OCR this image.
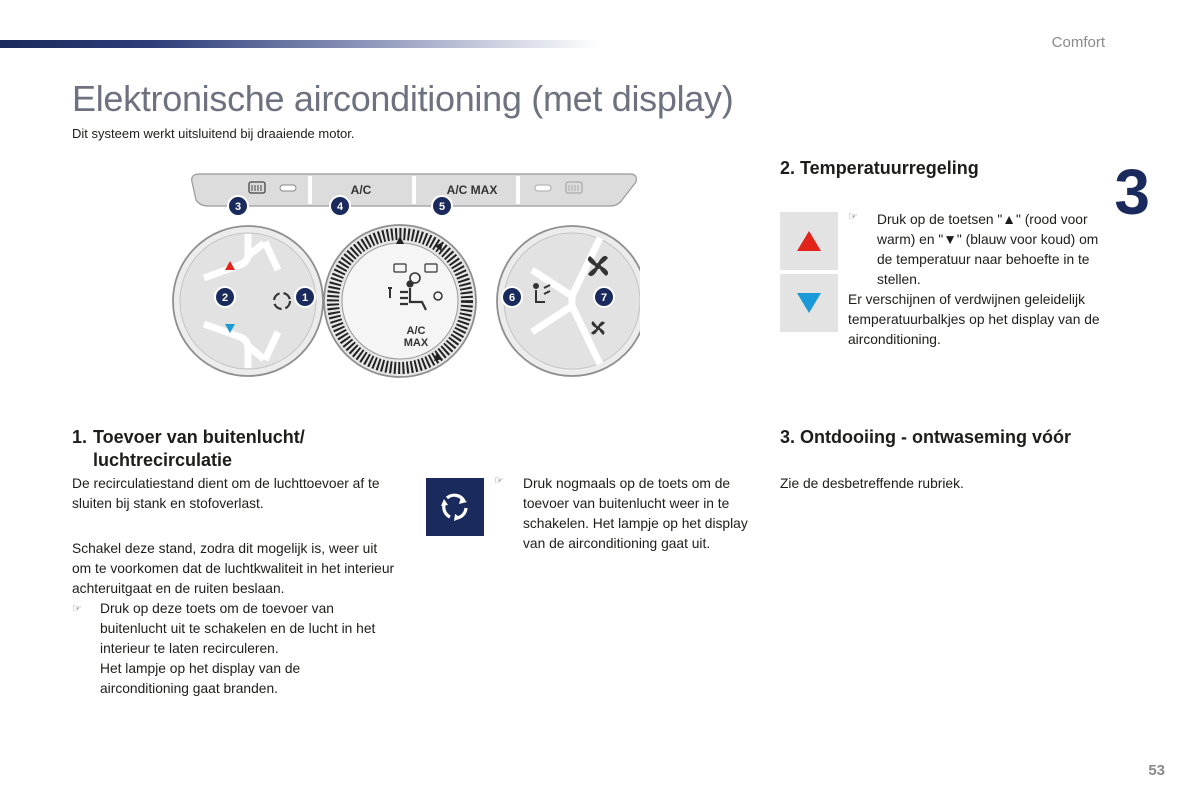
Comfort
3
Elektronische airconditioning (met display)

Dit systeem werkt uitsluitend bij draaiende motor.

A/C	A/C MAX
A/C
MAX
3	4	5
2	1	6	7
2. Temperatuurregeling
☞	Druk op de toetsen "▲" (rood voor warm) en "▼" (blauw voor koud) om de temperatuur naar behoefte in te stellen.

Er verschijnen of verdwijnen geleidelijk temperatuurbalkjes op het display van de airconditioning.

1. Toevoer van buitenlucht/
luchtrecirculatie

De recirculatiestand dient om de luchttoevoer af te sluiten bij stank en stofoverlast.

Schakel deze stand, zodra dit mogelijk is, weer uit om te voorkomen dat de luchtkwaliteit in het interieur achteruitgaat en de ruiten beslaan.

☞ Druk op deze toets om de toevoer van buitenlucht uit te schakelen en de lucht in het interieur te laten recirculeren.
Het lampje op het display van de airconditioning gaat branden.
☞	Druk nogmaals op de toets om de toevoer van buitenlucht weer in te schakelen. Het lampje op het display van de airconditioning gaat uit.

3. Ontdooiing - ontwaseming vóór

Zie de desbetreffende rubriek.

53
